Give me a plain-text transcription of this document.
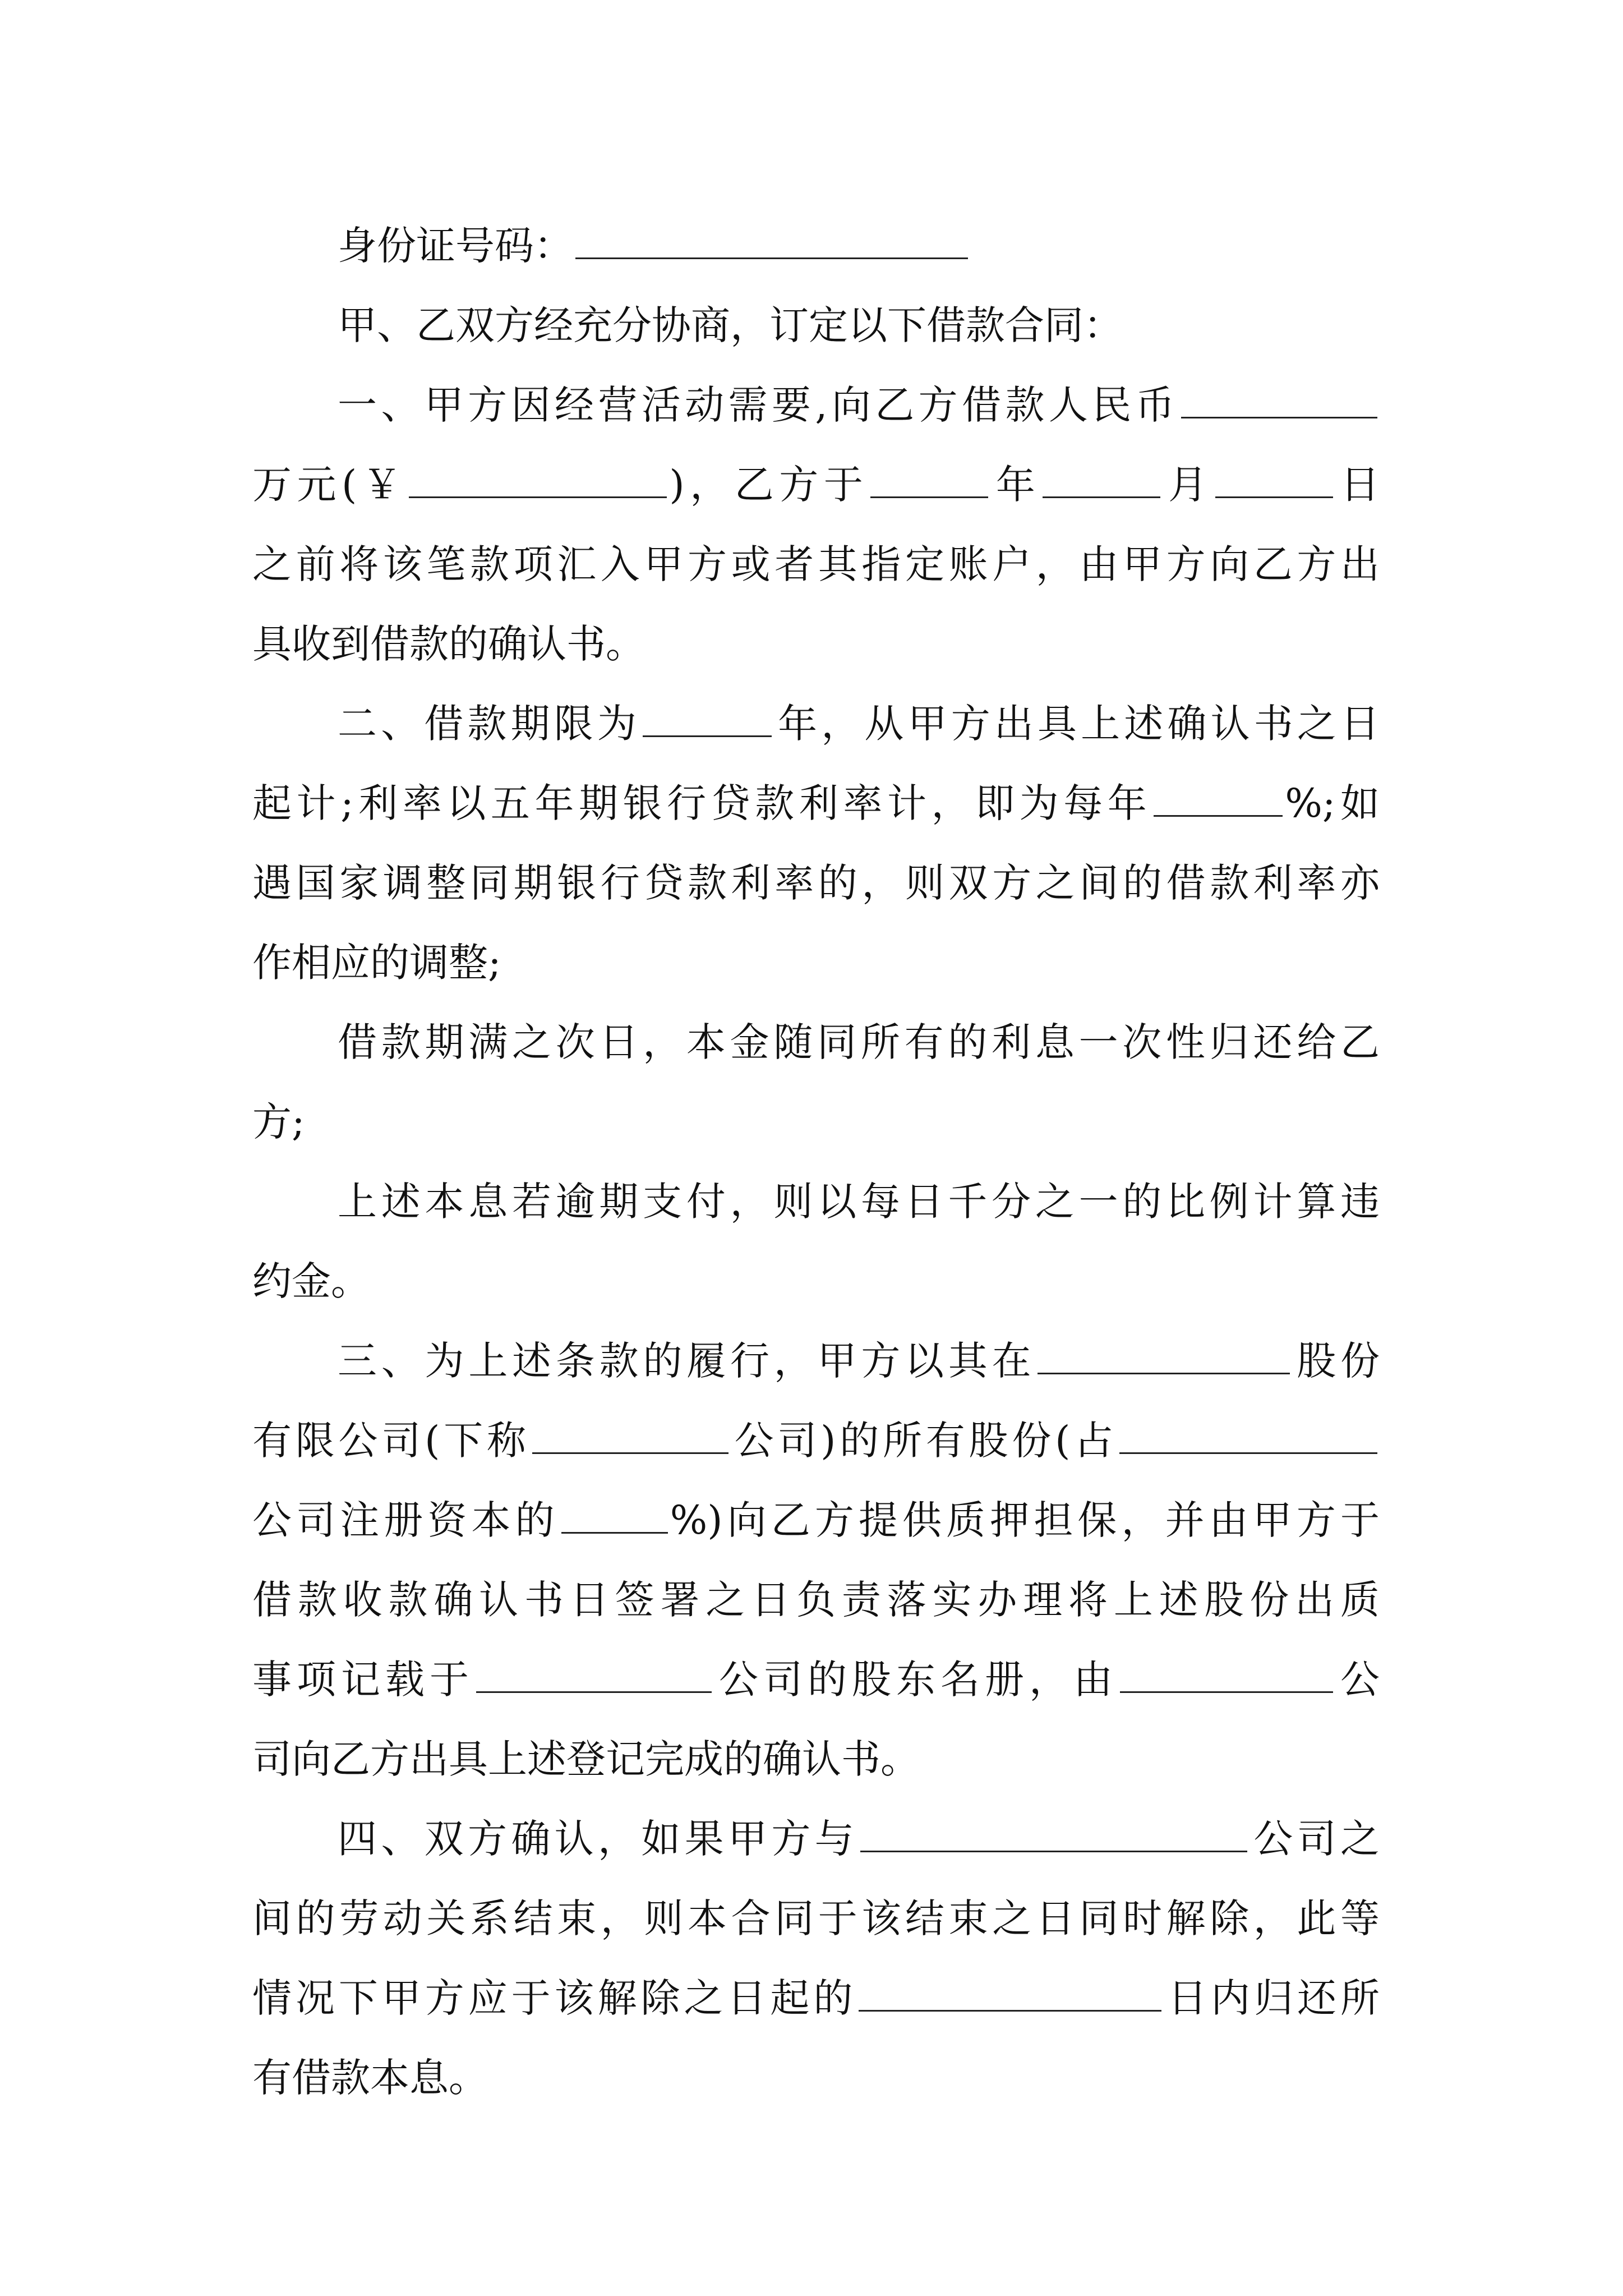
身份证号码：
甲、乙双方经充分协商，订定以下借款合同：
一、甲方因经营活动需要,向乙方借款人民币
万元(￥	)，乙方于	年	月	日
之前将该笔款项汇入甲方或者其指定账户，由甲方向乙方出
具收到借款的确认书。
二、借款期限为	年，从甲方出具上述确认书之日
起计;利率以五年期银行贷款利率计，即为每年	%;如
遇国家调整同期银行贷款利率的，则双方之间的借款利率亦
作相应的调整;
借款期满之次日，本金随同所有的利息一次性归还给乙
方;
上述本息若逾期支付，则以每日千分之一的比例计算违
约金。
三、为上述条款的履行，甲方以其在	股份
有限公司(下称	公司)的所有股份(占
公司注册资本的	%)向乙方提供质押担保，并由甲方于
借款收款确认书日签署之日负责落实办理将上述股份出质
事项记载于	公司的股东名册，由	公
司向乙方出具上述登记完成的确认书。
四、双方确认，如果甲方与	公司之
间的劳动关系结束，则本合同于该结束之日同时解除，此等
情况下甲方应于该解除之日起的	日内归还所
有借款本息。
